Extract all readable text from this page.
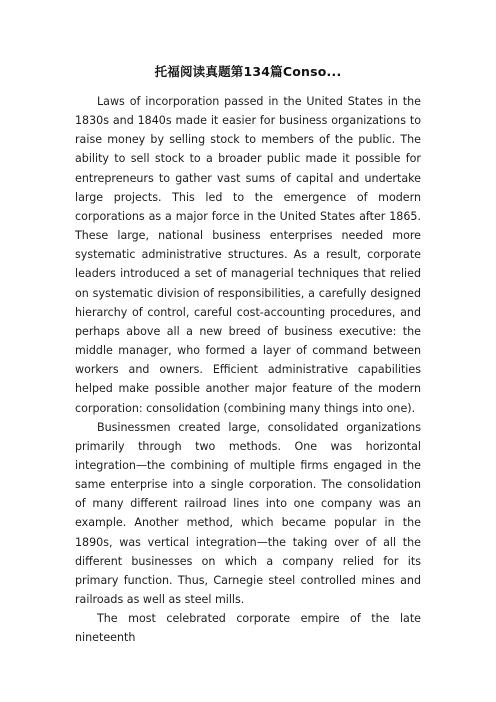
托福阅读真题第134篇Conso...

Laws of incorporation passed in the United States in the 1830s and 1840s made it easier for business organizations to raise money by selling stock to members of the public. The ability to sell stock to a broader public made it possible for entrepreneurs to gather vast sums of capital and undertake large projects. This led to the emergence of modern corporations as a major force in the United States after 1865. These large, national business enterprises needed more systematic administrative structures. As a result, corporate leaders introduced a set of managerial techniques that relied on systematic division of responsibilities, a carefully designed hierarchy of control, careful cost-accounting procedures, and perhaps above all a new breed of business executive: the middle manager, who formed a layer of command between workers and owners. Efficient administrative capabilities helped make possible another major feature of the modern corporation: consolidation (combining many things into one).

Businessmen created large, consolidated organizations primarily through two methods. One was horizontal integration—the combining of multiple firms engaged in the same enterprise into a single corporation. The consolidation of many different railroad lines into one company was an example. Another method, which became popular in the 1890s, was vertical integration—the taking over of all the different businesses on which a company relied for its primary function. Thus, Carnegie steel controlled mines and railroads as well as steel mills.

The most celebrated corporate empire of the late nineteenth
